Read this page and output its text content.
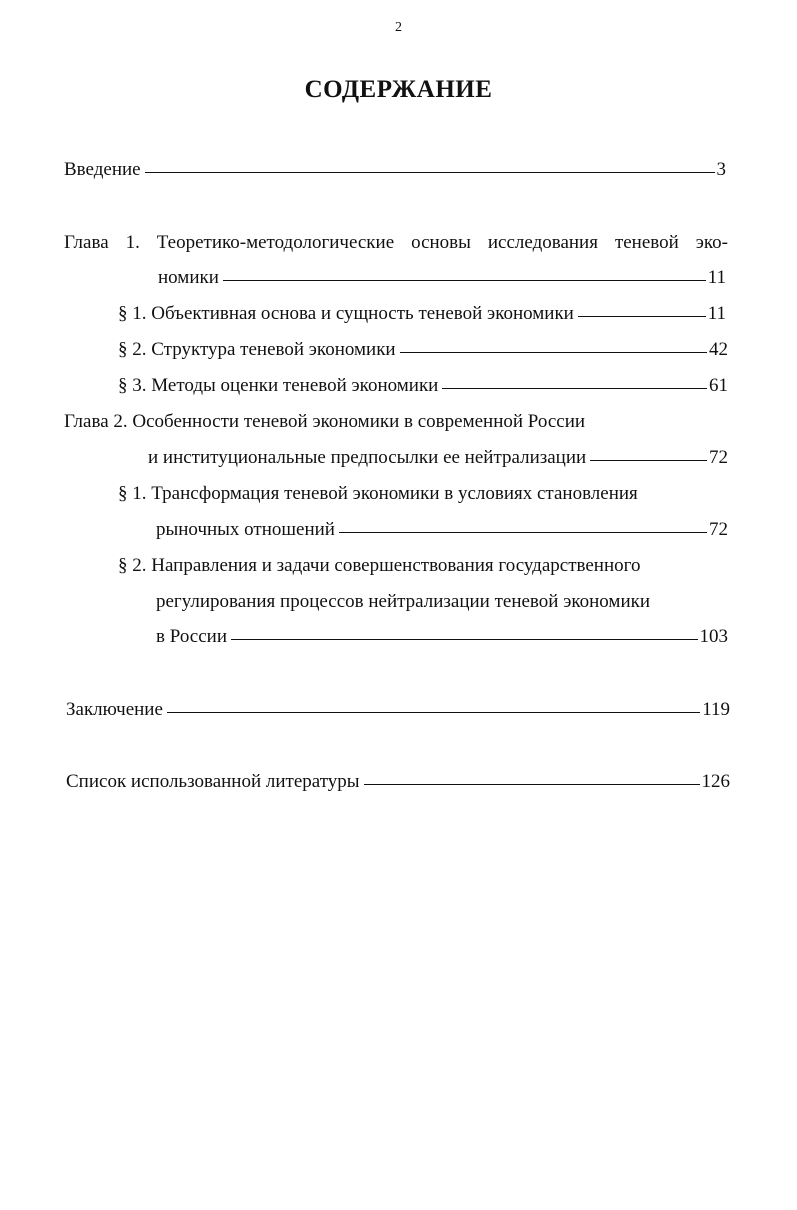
2
СОДЕРЖАНИЕ
Введение	3
Глава 1. Теоретико-методологические основы исследования теневой эко-
номики	11
§ 1. Объективная основа и сущность теневой экономики	11
§ 2. Структура теневой экономики	42
§ 3. Методы оценки теневой экономики	61
Глава 2. Особенности теневой экономики в современной России
и институциональные предпосылки ее нейтрализации	72
§ 1. Трансформация теневой экономики в условиях становления
рыночных отношений	72
§ 2. Направления и задачи совершенствования государственного
регулирования процессов нейтрализации теневой экономики
в России	103
Заключение	119
Список использованной литературы	126
